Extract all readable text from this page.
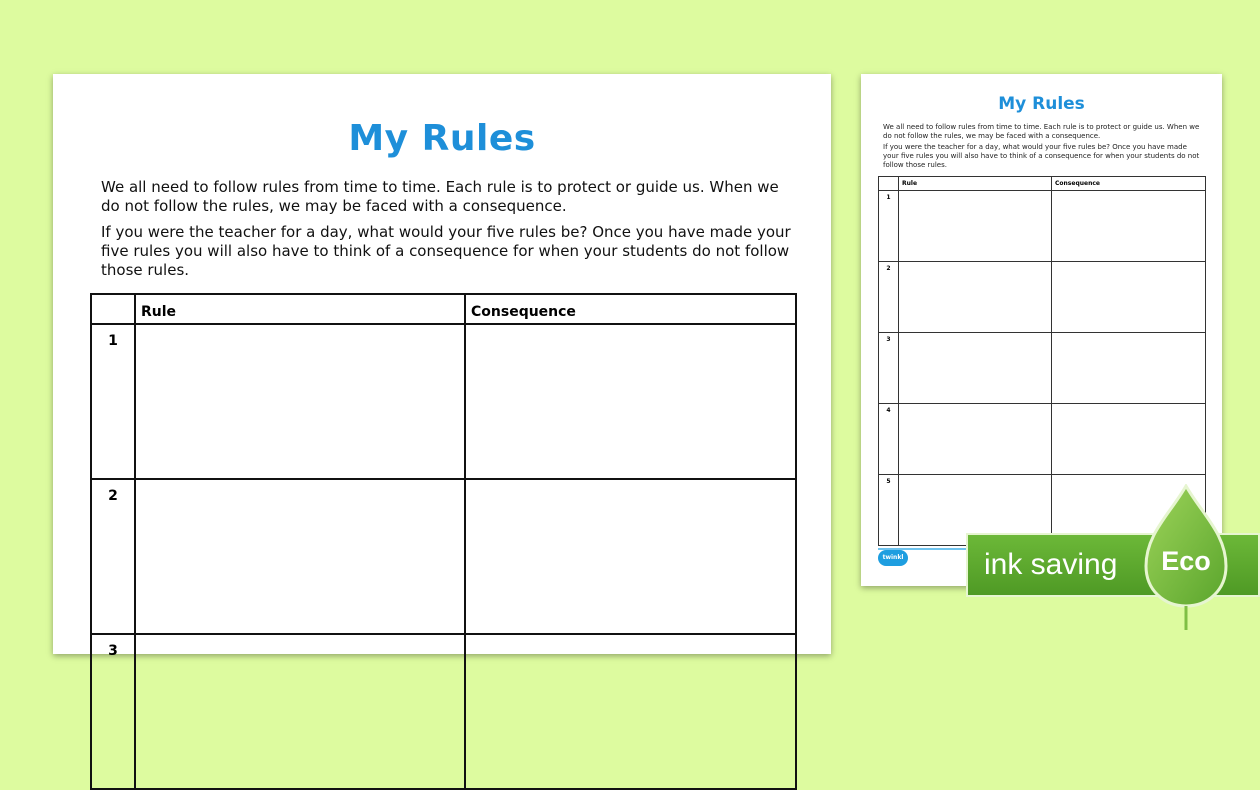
My Rules
We all need to follow rules from time to time. Each rule is to protect or guide us. When we do not follow the rules, we may be faced with a consequence.
If you were the teacher for a day, what would your five rules be? Once you have made your five rules you will also have to think of a consequence for when your students do not follow those rules.
	Rule	Consequence
1		
2		
3		
My Rules
We all need to follow rules from time to time. Each rule is to protect or guide us. When we do not follow the rules, we may be faced with a consequence.
If you were the teacher for a day, what would your five rules be? Once you have made your five rules you will also have to think of a consequence for when your students do not follow those rules.
	Rule	Consequence
1		
2		
3		
4		
5		
twinkl	ink saving	Eco
